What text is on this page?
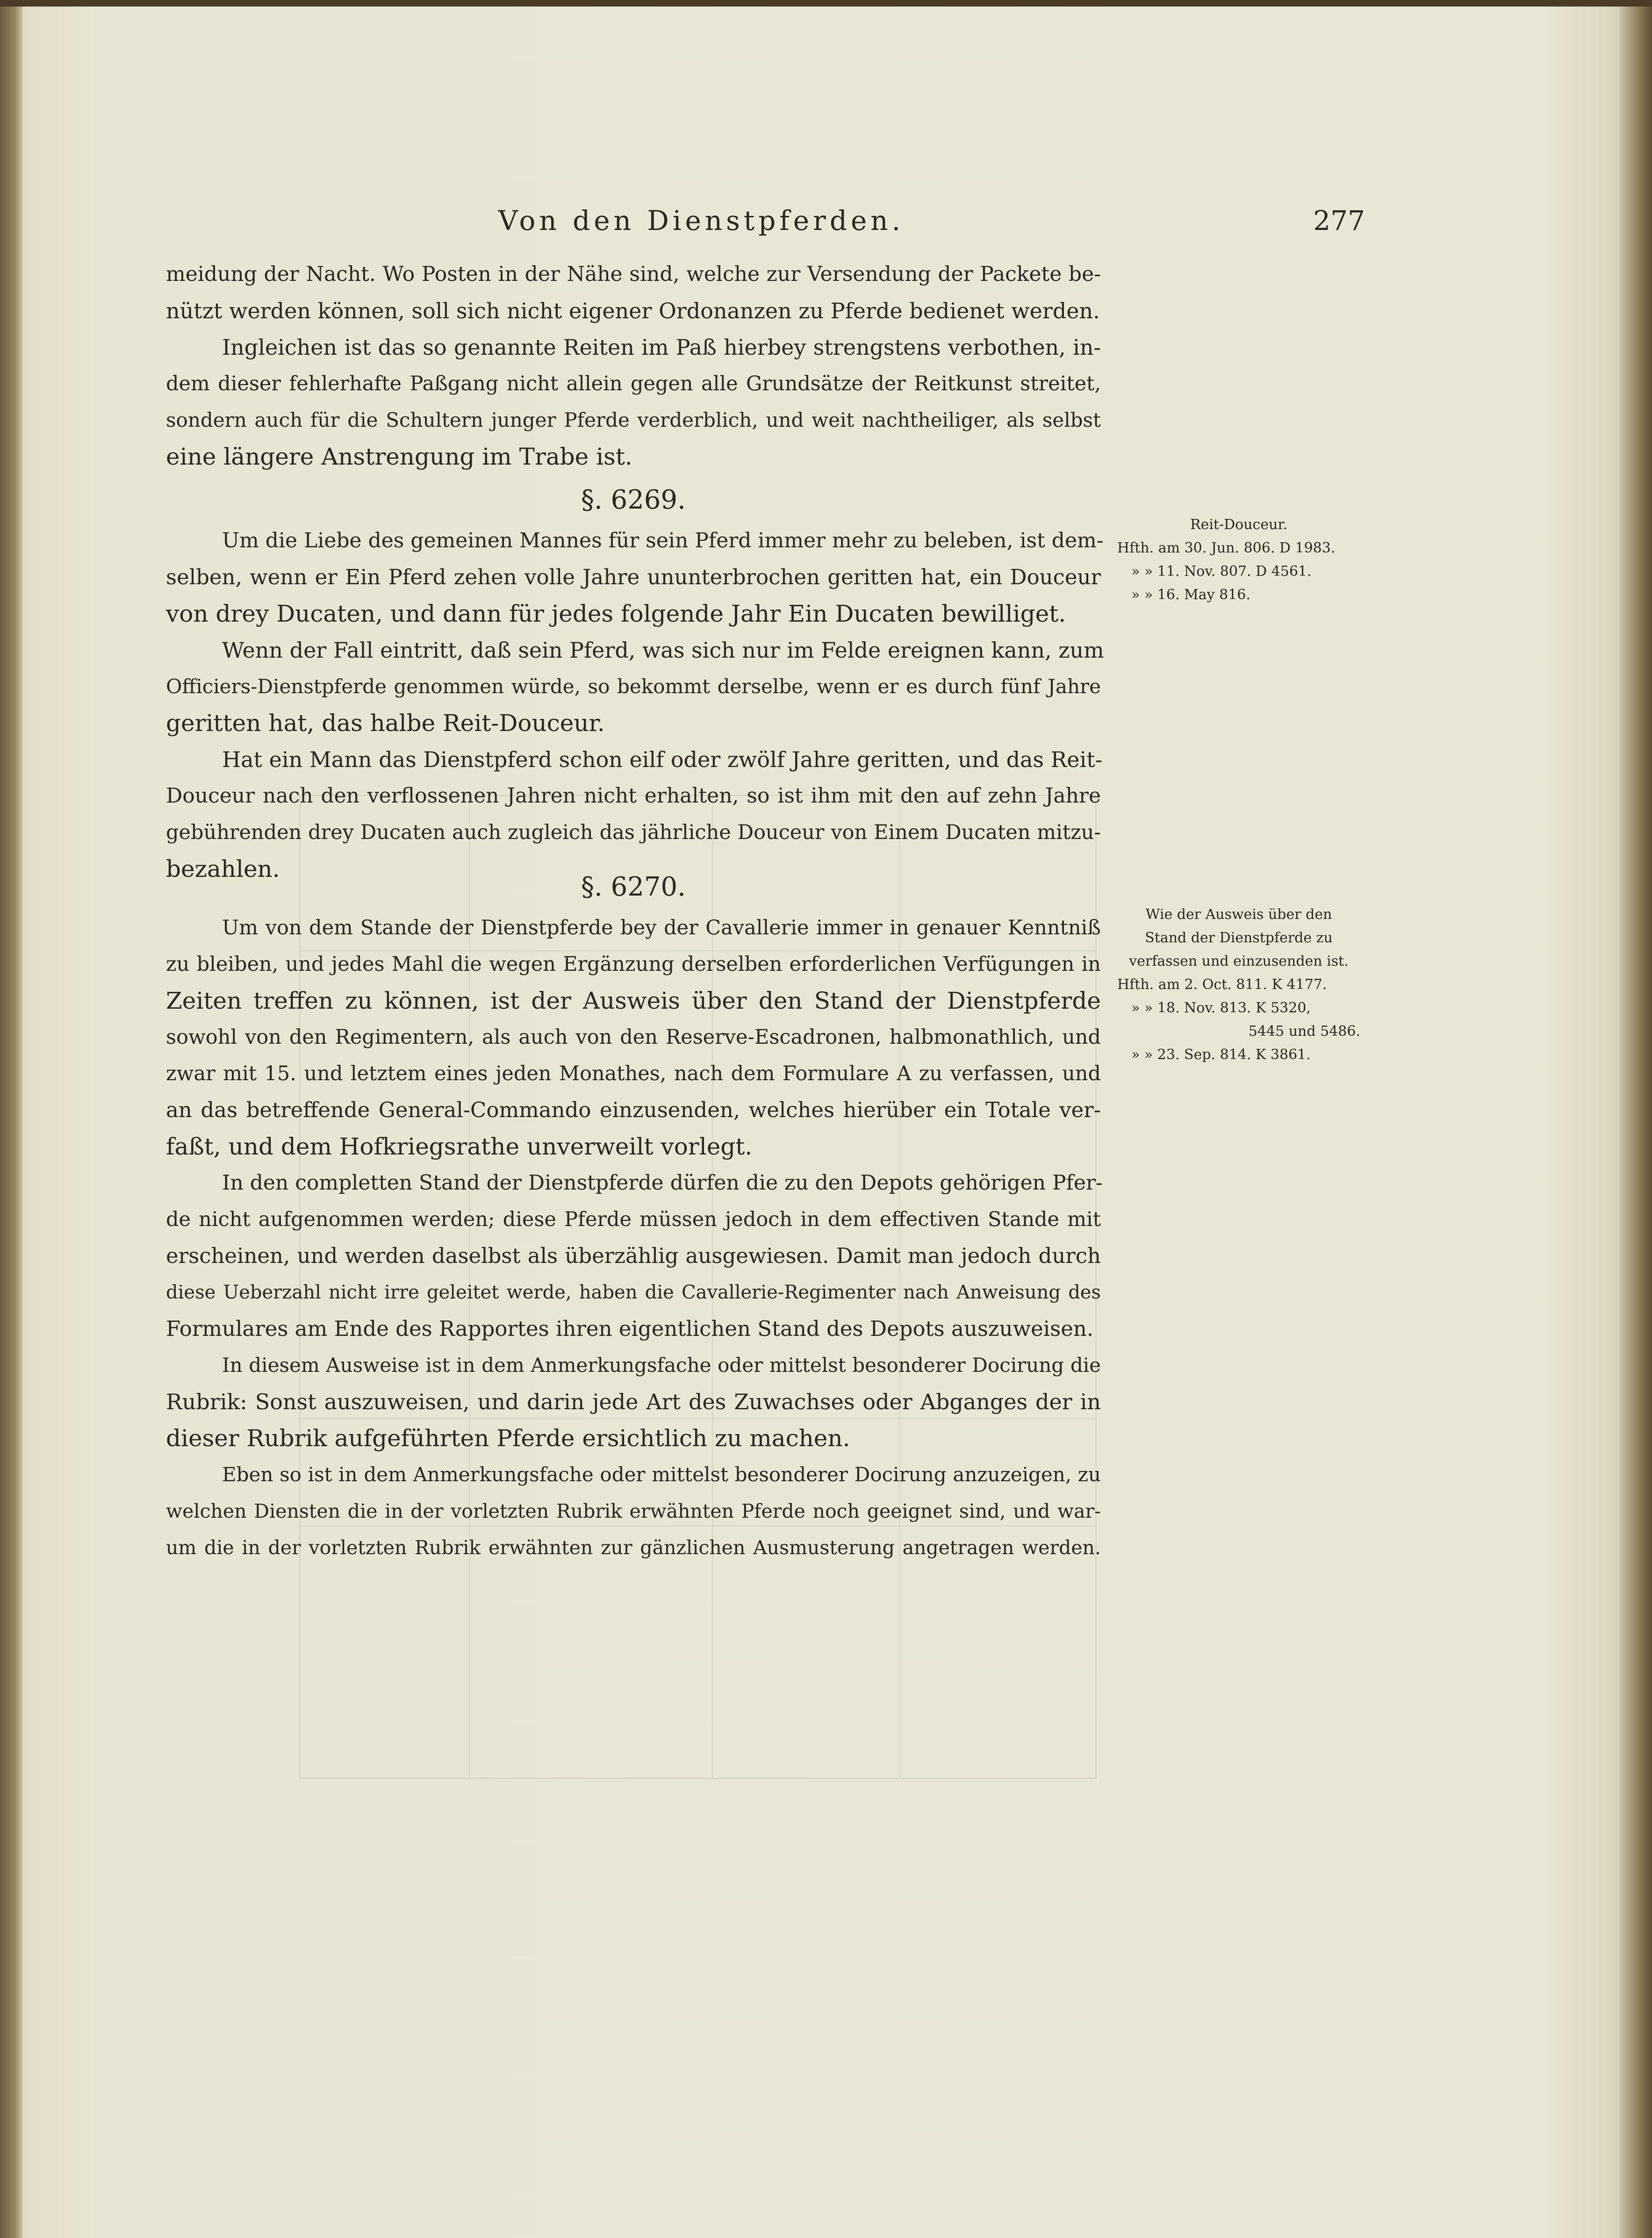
Von den Dienstpferden.	277
meidung der Nacht. Wo Posten in der Nähe sind, welche zur Versendung der Packete be-
nützt werden können, soll sich nicht eigener Ordonanzen zu Pferde bedienet werden.
Ingleichen ist das so genannte Reiten im Paß hierbey strengstens verbothen, in-
dem dieser fehlerhafte Paßgang nicht allein gegen alle Grundsätze der Reitkunst streitet,
sondern auch für die Schultern junger Pferde verderblich, und weit nachtheiliger, als selbst
eine längere Anstrengung im Trabe ist.
§. 6269.
Um die Liebe des gemeinen Mannes für sein Pferd immer mehr zu beleben, ist dem-
selben, wenn er Ein Pferd zehen volle Jahre ununterbrochen geritten hat, ein Douceur
von drey Ducaten, und dann für jedes folgende Jahr Ein Ducaten bewilliget.
Wenn der Fall eintritt, daß sein Pferd, was sich nur im Felde ereignen kann, zum
Officiers-Dienstpferde genommen würde, so bekommt derselbe, wenn er es durch fünf Jahre
geritten hat, das halbe Reit-Douceur.
Hat ein Mann das Dienstpferd schon eilf oder zwölf Jahre geritten, und das Reit-
Douceur nach den verflossenen Jahren nicht erhalten, so ist ihm mit den auf zehn Jahre
gebührenden drey Ducaten auch zugleich das jährliche Douceur von Einem Ducaten mitzu-
bezahlen.
Reit-Douceur.
Hfth. am 30. Jun. 806. D 1983.
» » 11. Nov. 807. D 4561.
» » 16. May 816.
§. 6270.
Um von dem Stande der Dienstpferde bey der Cavallerie immer in genauer Kenntniß
zu bleiben, und jedes Mahl die wegen Ergänzung derselben erforderlichen Verfügungen in
Zeiten treffen zu können, ist der Ausweis über den Stand der Dienstpferde
sowohl von den Regimentern, als auch von den Reserve-Escadronen, halbmonathlich, und
zwar mit 15. und letztem eines jeden Monathes, nach dem Formulare A zu verfassen, und
an das betreffende General-Commando einzusenden, welches hierüber ein Totale ver-
faßt, und dem Hofkriegsrathe unverweilt vorlegt.
In den completten Stand der Dienstpferde dürfen die zu den Depots gehörigen Pfer-
de nicht aufgenommen werden; diese Pferde müssen jedoch in dem effectiven Stande mit
erscheinen, und werden daselbst als überzählig ausgewiesen. Damit man jedoch durch
diese Ueberzahl nicht irre geleitet werde, haben die Cavallerie-Regimenter nach Anweisung des
Formulares am Ende des Rapportes ihren eigentlichen Stand des Depots auszuweisen.
In diesem Ausweise ist in dem Anmerkungsfache oder mittelst besonderer Docirung die
Rubrik: Sonst auszuweisen, und darin jede Art des Zuwachses oder Abganges der in
dieser Rubrik aufgeführten Pferde ersichtlich zu machen.
Eben so ist in dem Anmerkungsfache oder mittelst besonderer Docirung anzuzeigen, zu
welchen Diensten die in der vorletzten Rubrik erwähnten Pferde noch geeignet sind, und war-
um die in der vorletzten Rubrik erwähnten zur gänzlichen Ausmusterung angetragen werden.
Wie der Ausweis über den
Stand der Dienstpferde zu
verfassen und einzusenden ist.
Hfth. am 2. Oct. 811. K 4177.
» » 18. Nov. 813. K 5320,
5445 und 5486.
» » 23. Sep. 814. K 3861.
